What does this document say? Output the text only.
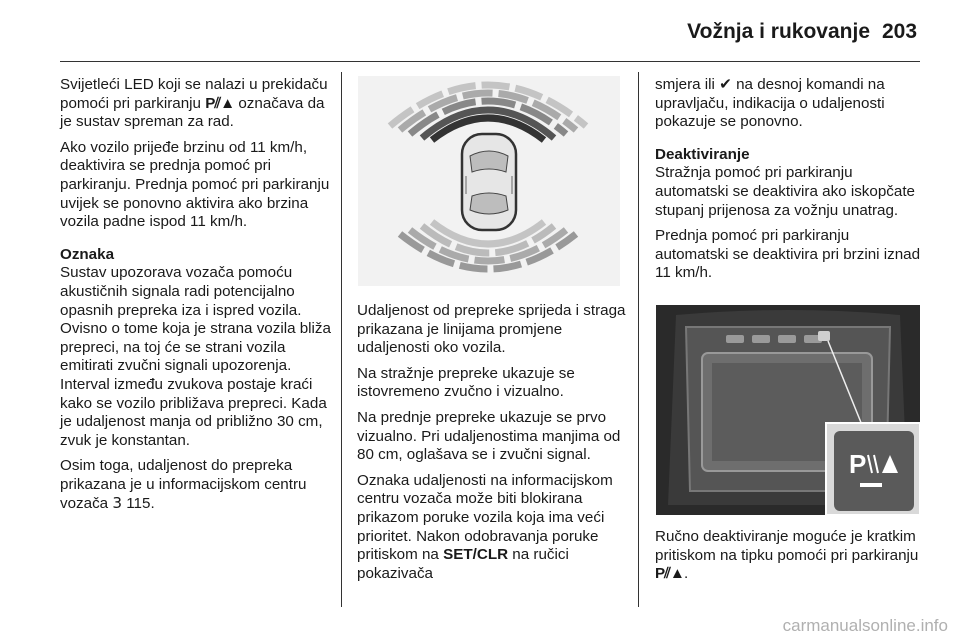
Vožnja i rukovanje 203

Svijetleći LED koji se nalazi u prekidaču pomoći pri parkiranju P⫽▲ označava da je sustav spreman za rad.

Ako vozilo prijeđe brzinu od 11 km/h, deaktivira se prednja pomoć pri parkiranju. Prednja pomoć pri parkiranju uvijek se ponovno aktivira ako brzina vozila padne ispod 11 km/h.

Oznaka

Sustav upozorava vozača pomoću akustičnih signala radi potencijalno opasnih prepreka iza i ispred vozila. Ovisno o tome koja je strana vozila bliža prepreci, na toj će se strani vozila emitirati zvučni signali upozorenja. Interval između zvukova postaje kraći kako se vozilo približava prepreci. Kada je udaljenost manja od približno 30 cm, zvuk je konstantan.

Osim toga, udaljenost do prepreka prikazana je u informacijskom centru vozača 3 115.

Udaljenost od prepreke sprijeda i straga prikazana je linijama promjene udaljenosti oko vozila.

Na stražnje prepreke ukazuje se istovremeno zvučno i vizualno.

Na prednje prepreke ukazuje se prvo vizualno. Pri udaljenostima manjima od 80 cm, oglašava se i zvučni signal.

Oznaka udaljenosti na informacijskom centru vozača može biti blokirana prikazom poruke vozila koja ima veći prioritet. Nakon odobravanja poruke pritiskom na SET/CLR na ručici pokazivača

smjera ili ✔ na desnoj komandi na upravljaču, indikacija o udaljenosti pokazuje se ponovno.

Deaktiviranje

Stražnja pomoć pri parkiranju automatski se deaktivira ako iskopčate stupanj prijenosa za vožnju unatrag.

Prednja pomoć pri parkiranju automatski se deaktivira pri brzini iznad 11 km/h.

P

Ručno deaktiviranje moguće je kratkim pritiskom na tipku pomoći pri parkiranju P⫽▲.

carmanualsonline.info
